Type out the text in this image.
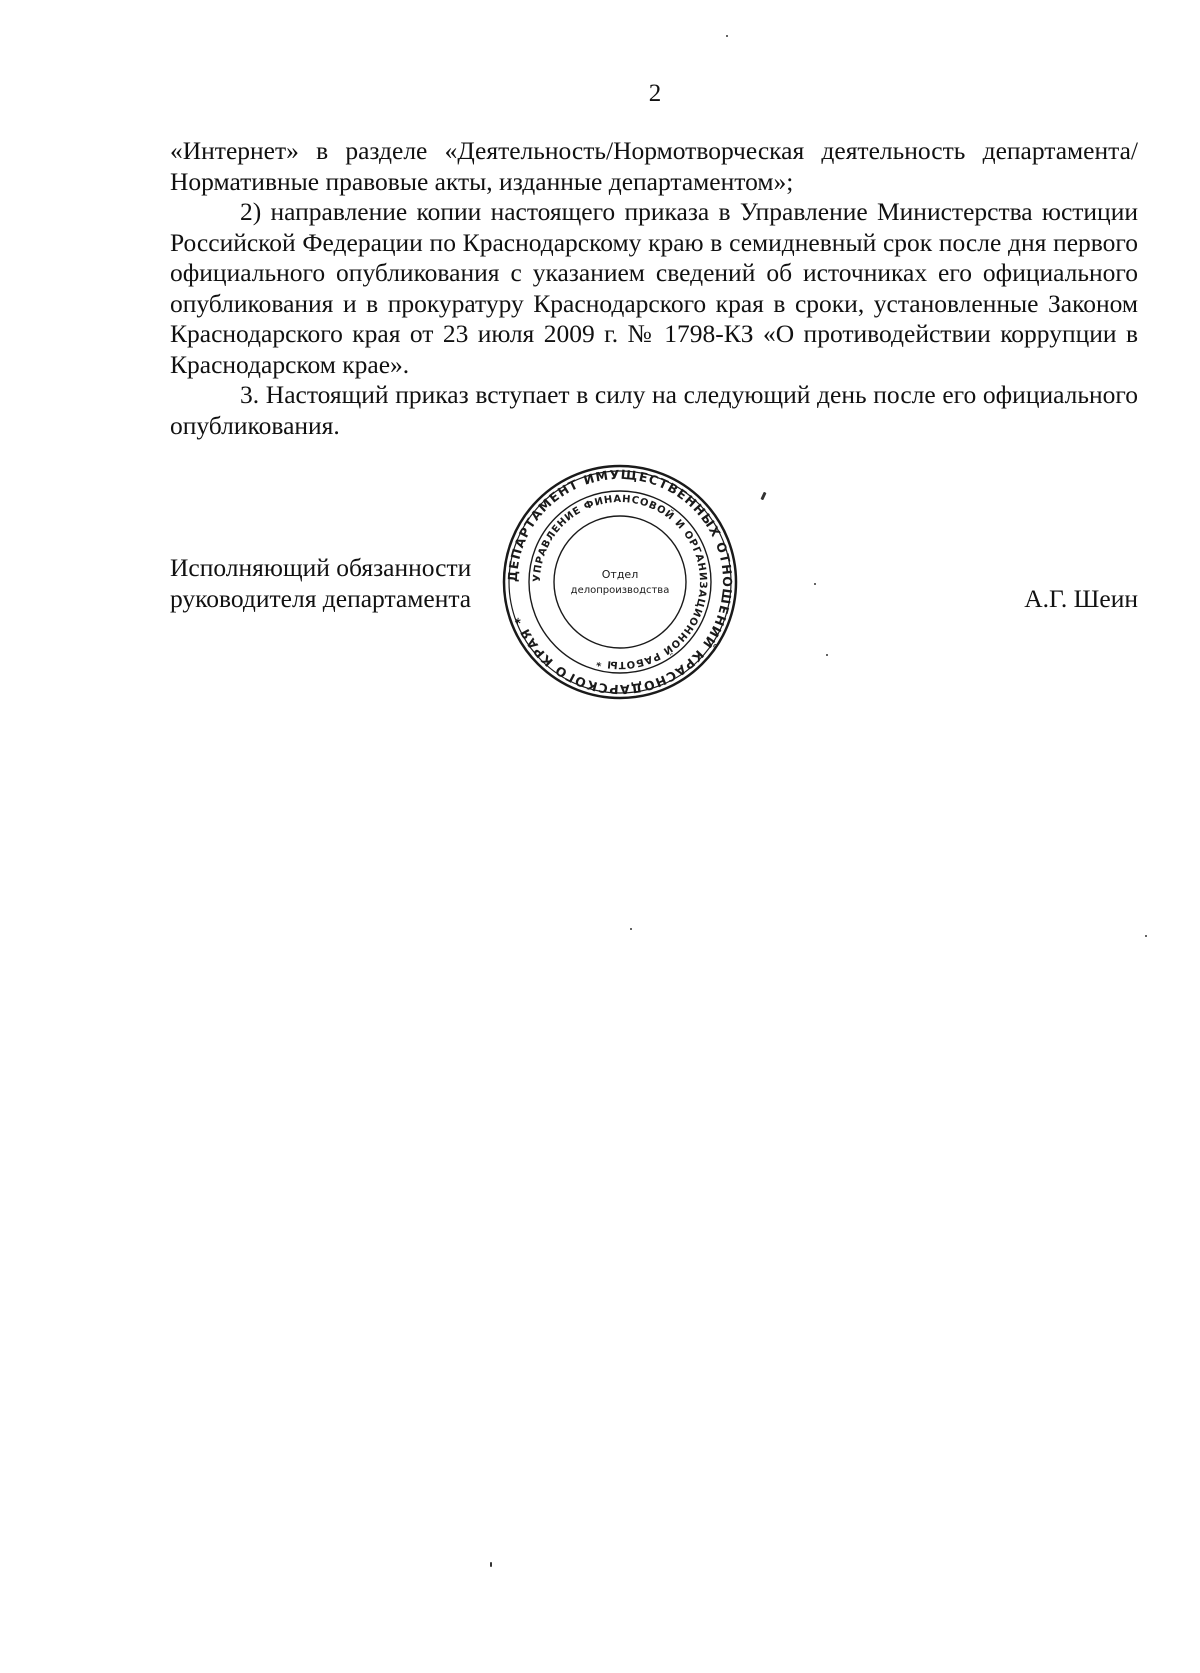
2

«Интернет» в разделе «Деятельность/Нормотворческая деятельность департамента/Нормативные правовые акты, изданные департаментом»;

2) направление копии настоящего приказа в Управление Министерства юстиции Российской Федерации по Краснодарскому краю в семидневный срок после дня первого официального опубликования с указанием сведений об источниках его официального опубликования и в прокуратуру Краснодарского края в сроки, установленные Законом Краснодарского края от 23 июля 2009 г. № 1798-КЗ «О противодействии коррупции в Краснодарском крае».

3. Настоящий приказ вступает в силу на следующий день после его официального опубликования.

Исполняющий обязанности
руководителя департамента	А.Г. Шеин
ДЕПАРТАМЕНТ ИМУЩЕСТВЕННЫХ ОТНОШЕНИЙ КРАСНОДАРСКОГО КРАЯ *
УПРАВЛЕНИЕ ФИНАНСОВОЙ И ОРГАНИЗАЦИОННОЙ РАБОТЫ *
Отдел
делопроизводства
